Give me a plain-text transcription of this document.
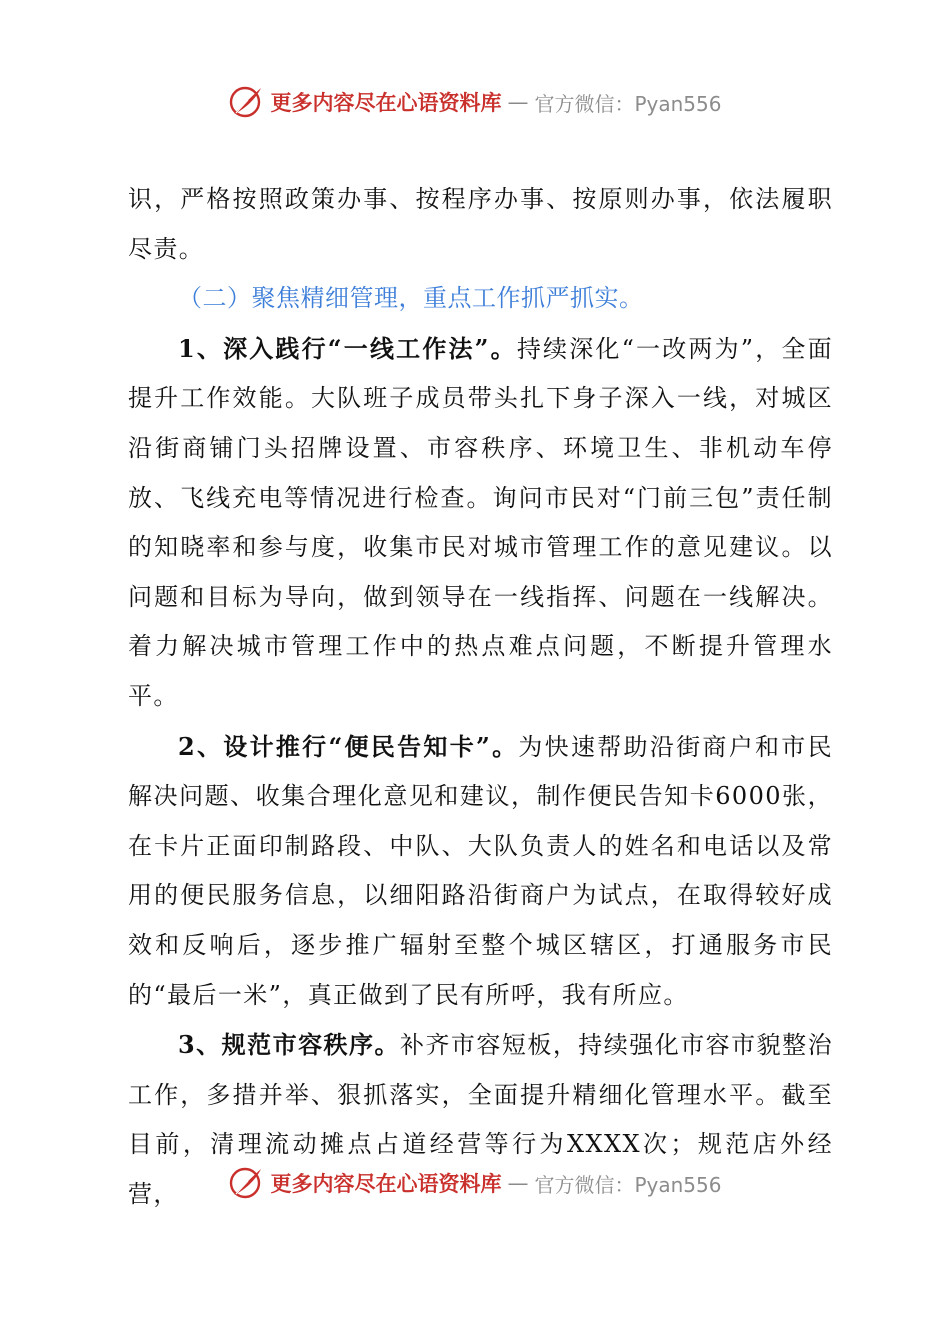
更多内容尽在心语资料库 — 官方微信：Pyan556

识，严格按照政策办事、按程序办事、按原则办事，依法履职尽责。

（二）聚焦精细管理，重点工作抓严抓实。

1、深入践行“一线工作法”。持续深化“一改两为”，全面提升工作效能。大队班子成员带头扎下身子深入一线，对城区沿街商铺门头招牌设置、市容秩序、环境卫生、非机动车停放、飞线充电等情况进行检查。询问市民对“门前三包”责任制的知晓率和参与度，收集市民对城市管理工作的意见建议。以问题和目标为导向，做到领导在一线指挥、问题在一线解决。着力解决城市管理工作中的热点难点问题，不断提升管理水平。

2、设计推行“便民告知卡”。为快速帮助沿街商户和市民解决问题、收集合理化意见和建议，制作便民告知卡6000张，在卡片正面印制路段、中队、大队负责人的姓名和电话以及常用的便民服务信息，以细阳路沿街商户为试点，在取得较好成效和反响后，逐步推广辐射至整个城区辖区，打通服务市民的“最后一米”，真正做到了民有所呼，我有所应。

3、规范市容秩序。补齐市容短板，持续强化市容市貌整治工作，多措并举、狠抓落实，全面提升精细化管理水平。截至目前，清理流动摊点占道经营等行为XXXX次；规范店外经营，	更多内容尽在心语资料库 — 官方微信：Pyan556
